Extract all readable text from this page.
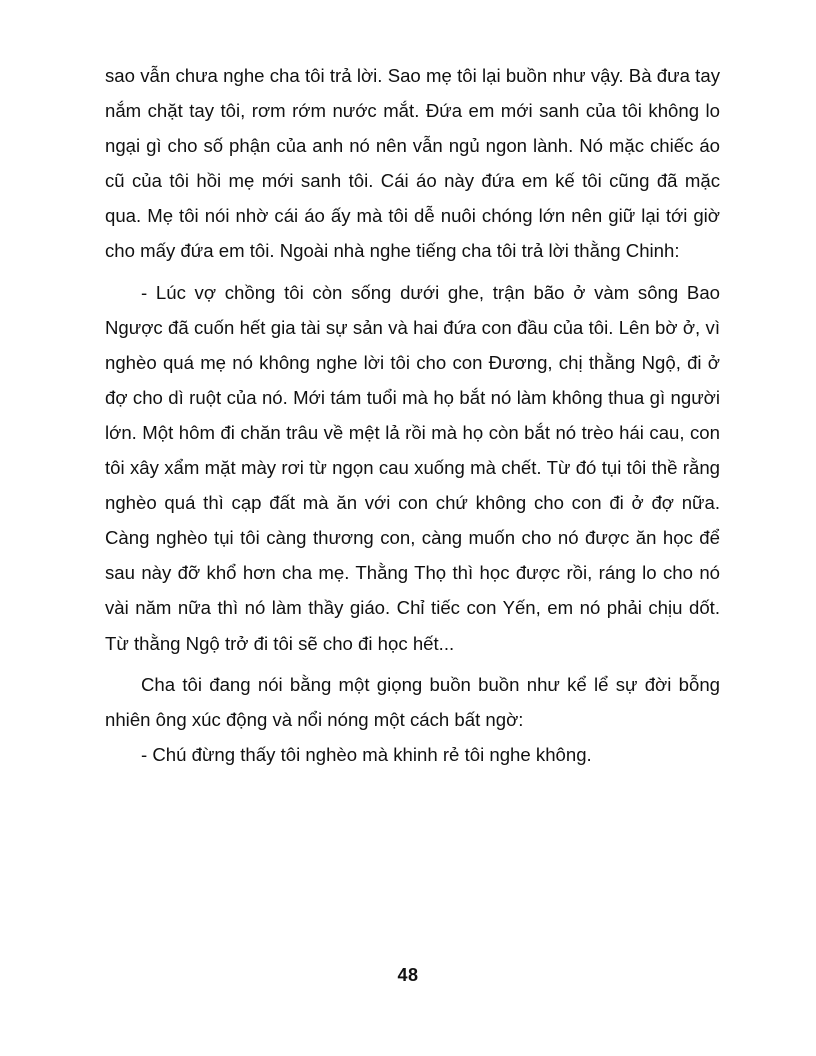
sao vẫn chưa nghe cha tôi trả lời. Sao mẹ tôi lại buồn như vậy. Bà đưa tay nắm chặt tay tôi, rơm rớm nước mắt. Đứa em mới sanh của tôi không lo ngại gì cho số phận của anh nó nên vẫn ngủ ngon lành. Nó mặc chiếc áo cũ của tôi hồi mẹ mới sanh tôi. Cái áo này đứa em kế tôi cũng đã mặc qua. Mẹ tôi nói nhờ cái áo ấy mà tôi dễ nuôi chóng lớn nên giữ lại tới giờ cho mấy đứa em tôi. Ngoài nhà nghe tiếng cha tôi trả lời thằng Chinh:

- Lúc vợ chồng tôi còn sống dưới ghe, trận bão ở vàm sông Bao Ngược đã cuốn hết gia tài sự sản và hai đứa con đầu của tôi. Lên bờ ở, vì nghèo quá mẹ nó không nghe lời tôi cho con Đương, chị thằng Ngộ, đi ở đợ cho dì ruột của nó. Mới tám tuổi mà họ bắt nó làm không thua gì người lớn. Một hôm đi chăn trâu về mệt lả rồi mà họ còn bắt nó trèo hái cau, con tôi xây xẩm mặt mày rơi từ ngọn cau xuống mà chết. Từ đó tụi tôi thề rằng nghèo quá thì cạp đất mà ăn với con chứ không cho con đi ở đợ nữa. Càng nghèo tụi tôi càng thương con, càng muốn cho nó được ăn học để sau này đỡ khổ hơn cha mẹ. Thằng Thọ thì học được rồi, ráng lo cho nó vài năm nữa thì nó làm thầy giáo. Chỉ tiếc con Yến, em nó phải chịu dốt. Từ thằng Ngộ trở đi tôi sẽ cho đi học hết...

Cha tôi đang nói bằng một giọng buồn buồn như kể lể sự đời bỗng nhiên ông xúc động và nổi nóng một cách bất ngờ:

- Chú đừng thấy tôi nghèo mà khinh rẻ tôi nghe không.

48
